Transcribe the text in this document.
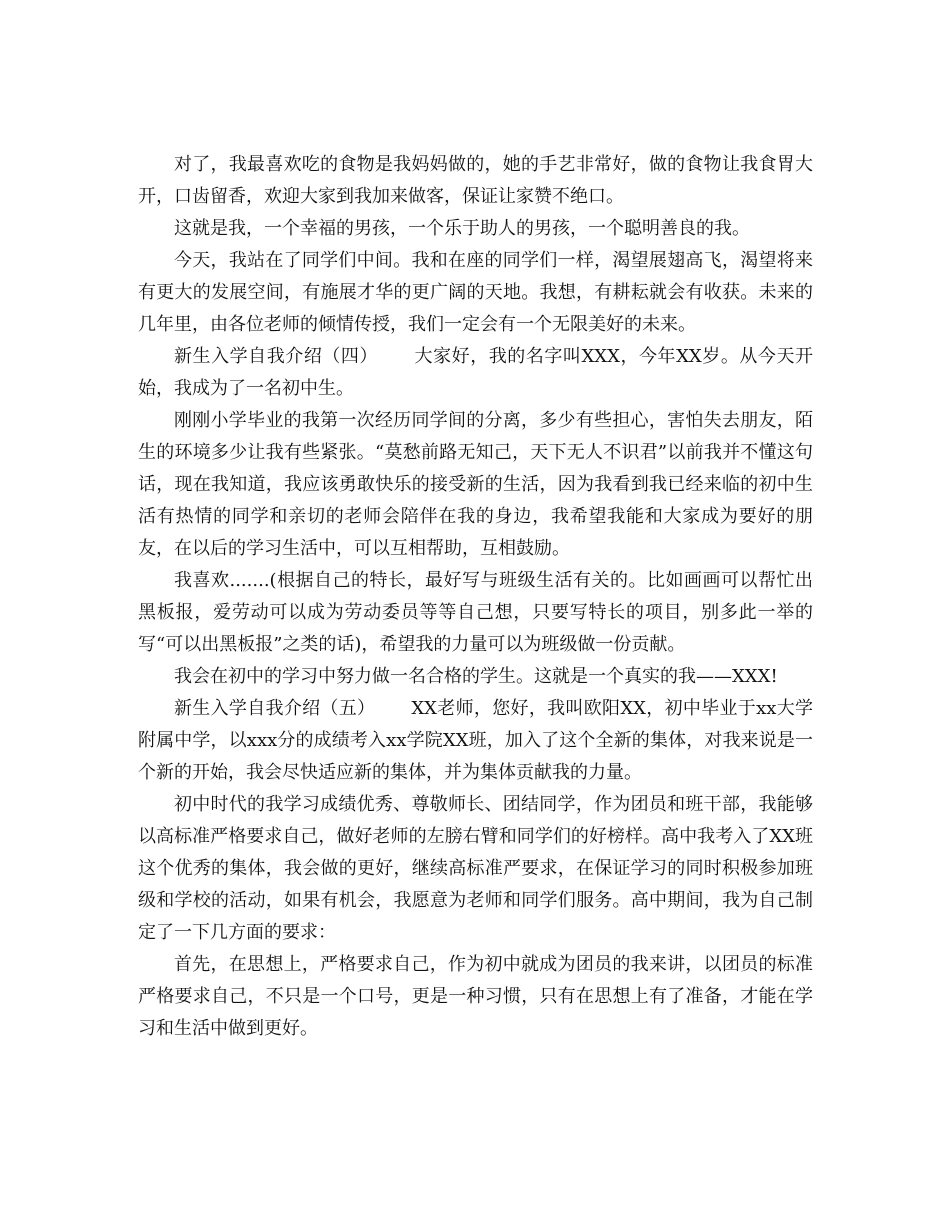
对了，我最喜欢吃的食物是我妈妈做的，她的手艺非常好，做的食物让我食胃大开，口齿留香，欢迎大家到我加来做客，保证让家赞不绝口。

这就是我，一个幸福的男孩，一个乐于助人的男孩，一个聪明善良的我。

今天，我站在了同学们中间。我和在座的同学们一样，渴望展翅高飞，渴望将来有更大的发展空间，有施展才华的更广阔的天地。我想，有耕耘就会有收获。未来的几年里，由各位老师的倾情传授，我们一定会有一个无限美好的未来。

新生入学自我介绍（四） 大家好，我的名字叫XXX，今年XX岁。从今天开始，我成为了一名初中生。

刚刚小学毕业的我第一次经历同学间的分离，多少有些担心，害怕失去朋友，陌生的环境多少让我有些紧张。“莫愁前路无知己，天下无人不识君”以前我并不懂这句话，现在我知道，我应该勇敢快乐的接受新的生活，因为我看到我已经来临的初中生活有热情的同学和亲切的老师会陪伴在我的身边，我希望我能和大家成为要好的朋友，在以后的学习生活中，可以互相帮助，互相鼓励。

我喜欢.......(根据自己的特长，最好写与班级生活有关的。比如画画可以帮忙出黑板报，爱劳动可以成为劳动委员等等自己想，只要写特长的项目，别多此一举的写“可以出黑板报”之类的话)，希望我的力量可以为班级做一份贡献。

我会在初中的学习中努力做一名合格的学生。这就是一个真实的我——XXX!

新生入学自我介绍（五） XX老师，您好，我叫欧阳XX，初中毕业于xx大学附属中学，以xxx分的成绩考入xx学院XX班，加入了这个全新的集体，对我来说是一个新的开始，我会尽快适应新的集体，并为集体贡献我的力量。

初中时代的我学习成绩优秀、尊敬师长、团结同学，作为团员和班干部，我能够以高标准严格要求自己，做好老师的左膀右臂和同学们的好榜样。高中我考入了XX班这个优秀的集体，我会做的更好，继续高标准严要求，在保证学习的同时积极参加班级和学校的活动，如果有机会，我愿意为老师和同学们服务。高中期间，我为自己制定了一下几方面的要求：

首先，在思想上，严格要求自己，作为初中就成为团员的我来讲，以团员的标准严格要求自己，不只是一个口号，更是一种习惯，只有在思想上有了准备，才能在学习和生活中做到更好。
